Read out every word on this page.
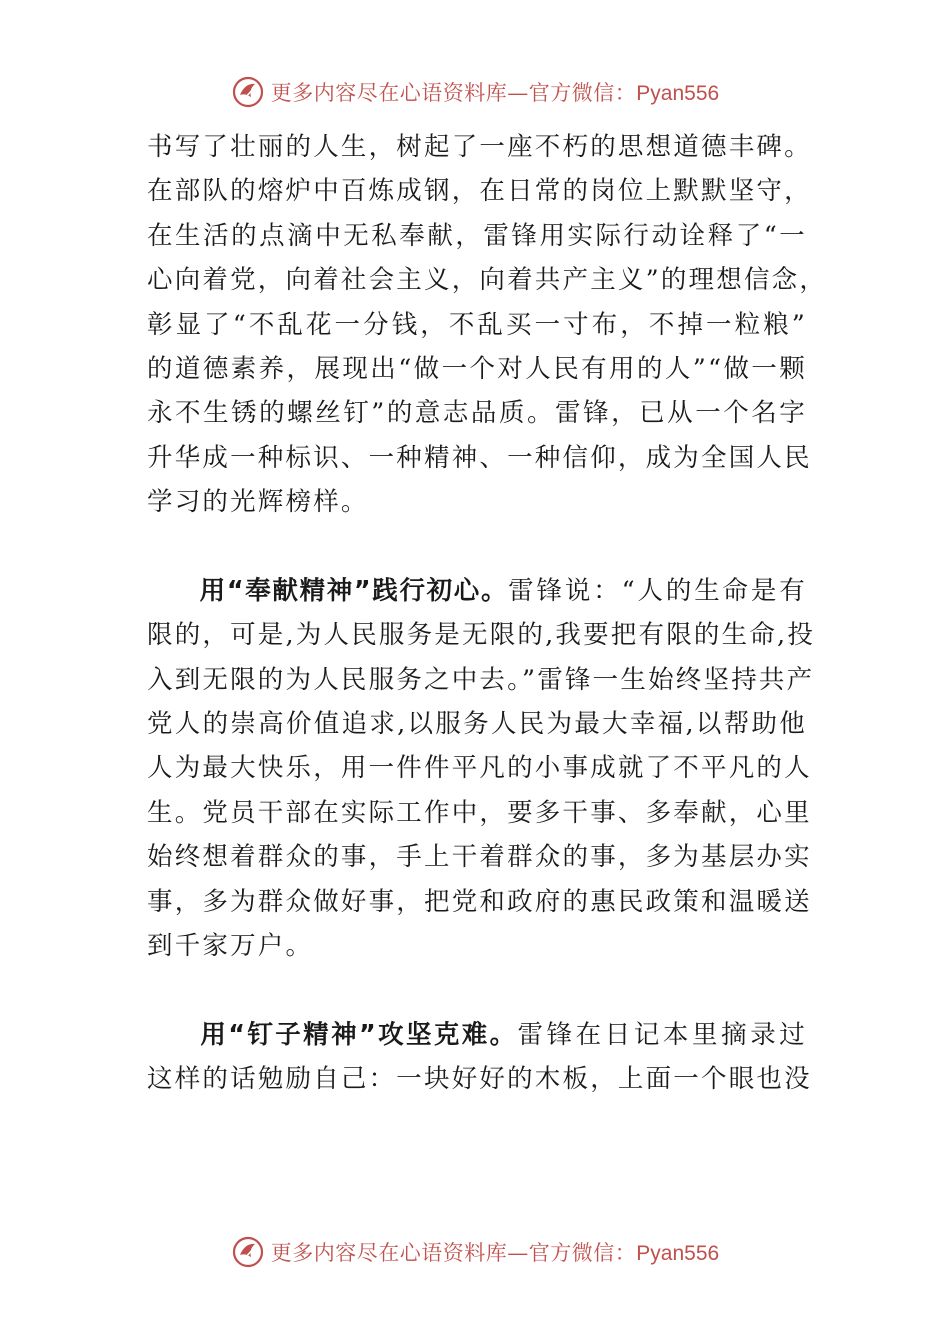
更多内容尽在心语资料库—官方微信：Pyan556
书写了壮丽的人生，树起了一座不朽的思想道德丰碑。
在部队的熔炉中百炼成钢，在日常的岗位上默默坚守，
在生活的点滴中无私奉献，雷锋用实际行动诠释了“一
心向着党，向着社会主义，向着共产主义”的理想信念，
彰显了“不乱花一分钱，不乱买一寸布，不掉一粒粮”
的道德素养，展现出“做一个对人民有用的人”“做一颗
永不生锈的螺丝钉”的意志品质。雷锋，已从一个名字
升华成一种标识、一种精神、一种信仰，成为全国人民
学习的光辉榜样。
用“奉献精神”践行初心。雷锋说：“人的生命是有
限的，可是,为人民服务是无限的,我要把有限的生命,投
入到无限的为人民服务之中去。”雷锋一生始终坚持共产
党人的崇高价值追求,以服务人民为最大幸福,以帮助他
人为最大快乐，用一件件平凡的小事成就了不平凡的人
生。党员干部在实际工作中，要多干事、多奉献，心里
始终想着群众的事，手上干着群众的事，多为基层办实
事，多为群众做好事，把党和政府的惠民政策和温暖送
到千家万户。
用“钉子精神”攻坚克难。雷锋在日记本里摘录过
这样的话勉励自己：一块好好的木板，上面一个眼也没
更多内容尽在心语资料库—官方微信：Pyan556
